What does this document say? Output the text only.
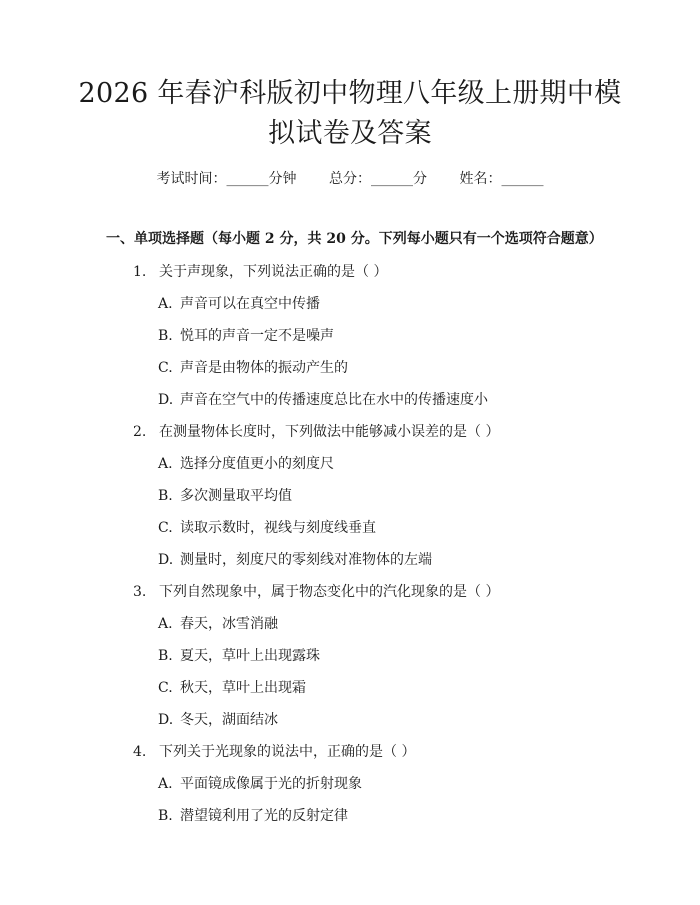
2026 年春沪科版初中物理八年级上册期中模
拟试卷及答案
考试时间：______分钟 总分：______分 姓名：______
一、单项选择题（每小题 2 分，共 20 分。下列每小题只有一个选项符合题意）
1. 关于声现象，下列说法正确的是（ ）
A. 声音可以在真空中传播
B. 悦耳的声音一定不是噪声
C. 声音是由物体的振动产生的
D. 声音在空气中的传播速度总比在水中的传播速度小
2. 在测量物体长度时，下列做法中能够减小误差的是（ ）
A. 选择分度值更小的刻度尺
B. 多次测量取平均值
C. 读取示数时，视线与刻度线垂直
D. 测量时，刻度尺的零刻线对准物体的左端
3. 下列自然现象中，属于物态变化中的汽化现象的是（ ）
A. 春天，冰雪消融
B. 夏天，草叶上出现露珠
C. 秋天，草叶上出现霜
D. 冬天，湖面结冰
4. 下列关于光现象的说法中，正确的是（ ）
A. 平面镜成像属于光的折射现象
B. 潜望镜利用了光的反射定律
